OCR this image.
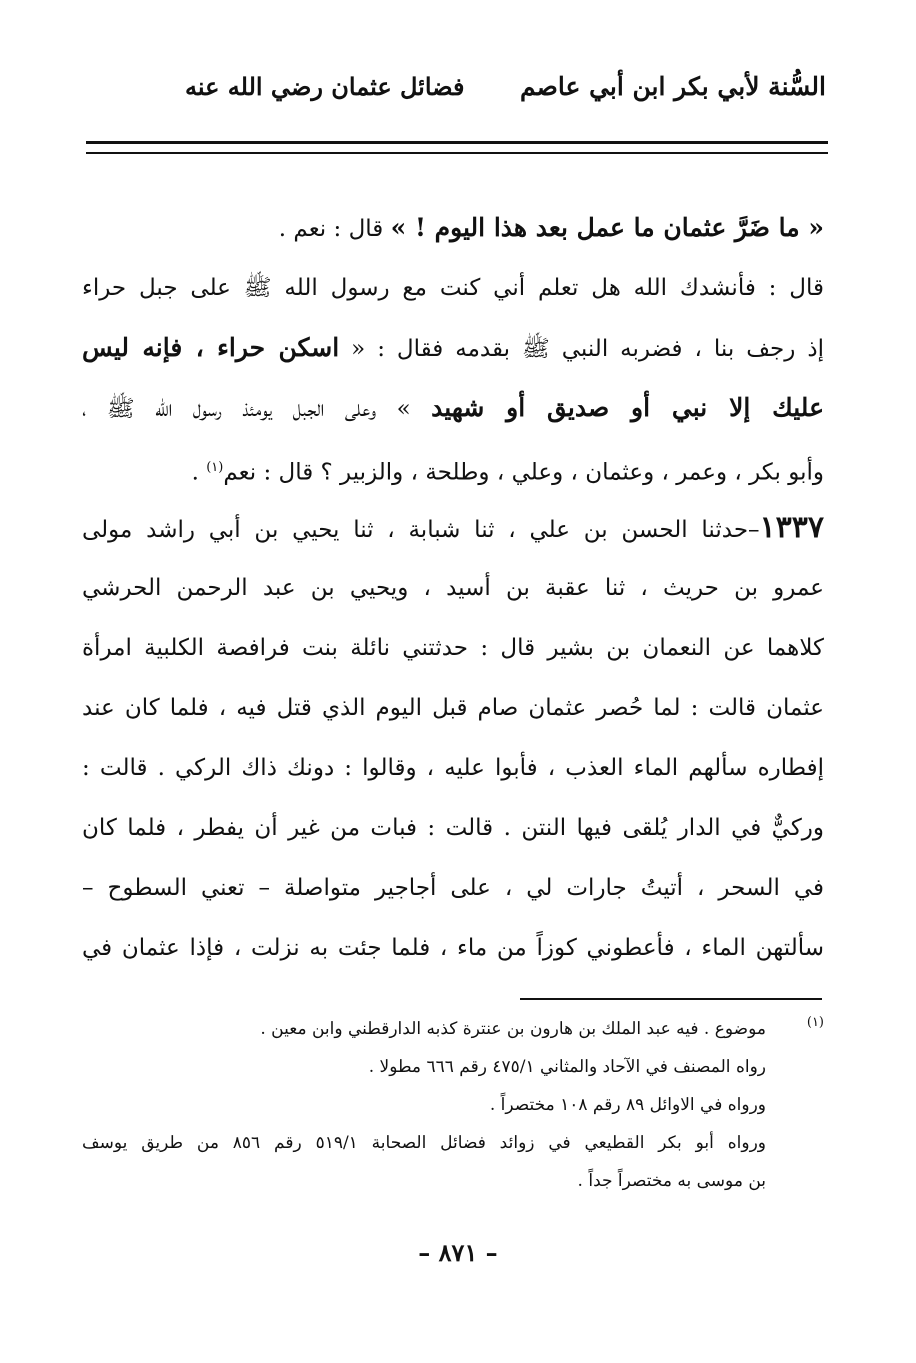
السُّنة لأبي بكر ابن أبي عاصم
فضائل عثمان رضي الله عنه
« ما ضَرَّ عثمان ما عمل بعد هذا اليوم ! » قال : نعم .
قال : فأنشدك الله هل تعلم أني كنت مع رسول الله ﷺ على جبل حراء
إذ رجف بنا ، فضربه النبي ﷺ بقدمه فقال : « اسكن حراء ، فإنه ليس
عليك إلا نبي أو صديق أو شهيد » وعلى الجبل يومئذ رسول الله ﷺ ،
وأبو بكر ، وعمر ، وعثمان ، وعلي ، وطلحة ، والزبير ؟ قال : نعم$^{(١)}$ .
١٣٣٧–حدثنا الحسن بن علي ، ثنا شبابة ، ثنا يحيي بن أبي راشد مولى
عمرو بن حريث ، ثنا عقبة بن أسيد ، ويحيي بن عبد الرحمن الحرشي
كلاهما عن النعمان بن بشير قال : حدثتني نائلة بنت فرافصة الكلبية امرأة
عثمان قالت : لما حُصر عثمان صام قبل اليوم الذي قتل فيه ، فلما كان عند
إفطاره سألهم الماء العذب ، فأبوا عليه ، وقالوا : دونك ذاك الركي . قالت :
وركيٌّ في الدار يُلقى فيها النتن . قالت : فبات من غير أن يفطر ، فلما كان
في السحر ، أتيتُ جارات لي ، على أجاجير متواصلة – تعني السطوح –
سألتهن الماء ، فأعطوني كوزاً من ماء ، فلما جئت به نزلت ، فإذا عثمان في
(١)
موضوع . فيه عبد الملك بن هارون بن عنترة كذبه الدارقطني وابن معين .
رواه المصنف في الآحاد والمثاني ٤٧٥/١ رقم ٦٦٦ مطولا .
ورواه في الاوائل ٨٩ رقم ١٠٨ مختصراً .
ورواه أبو بكر القطيعي في زوائد فضائل الصحابة ٥١٩/١ رقم ٨٥٦ من طريق يوسف
بن موسى به مختصراً جداً .
– ٨٧١ –
